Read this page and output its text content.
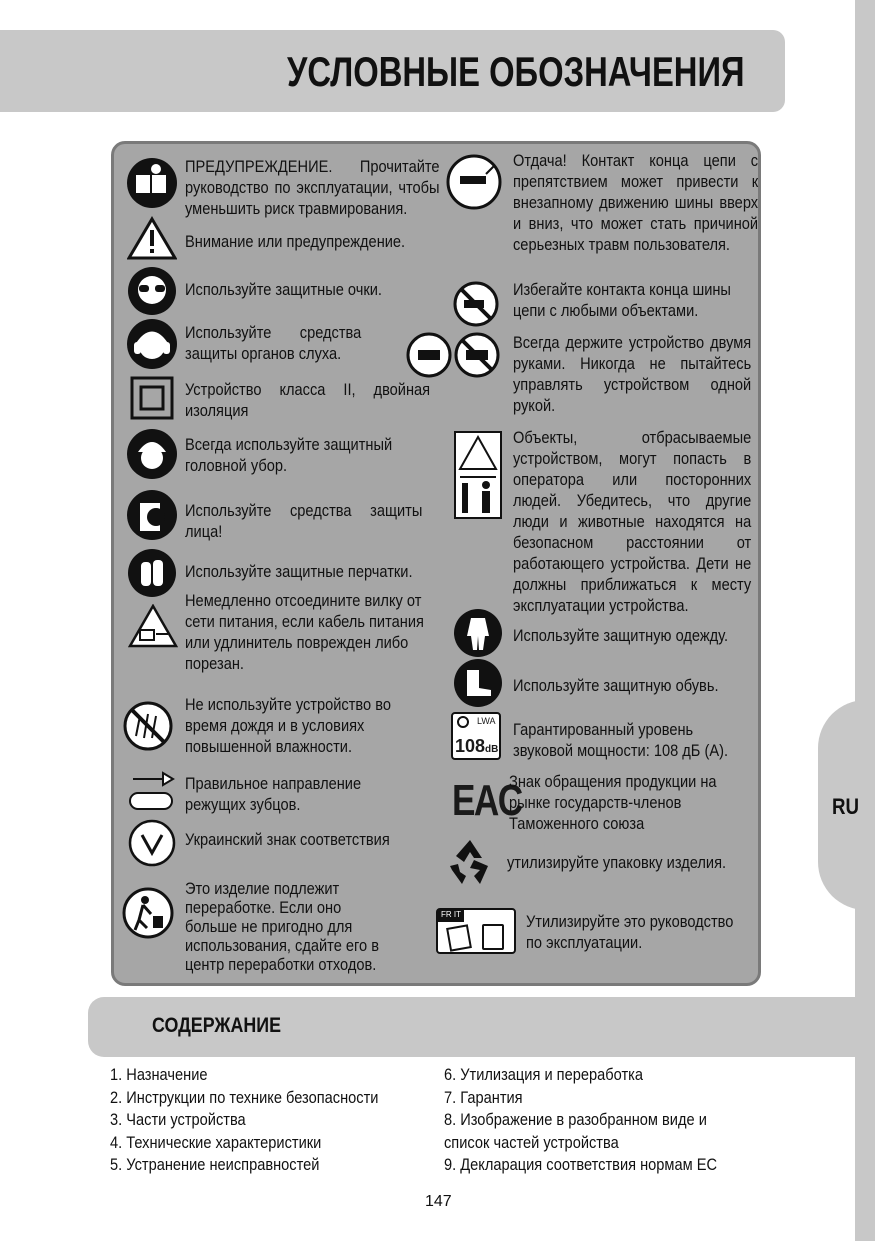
RU
УСЛОВНЫЕ ОБОЗНАЧЕНИЯ
LWA
108dB
EAC
FR IT
ПРЕДУПРЕЖДЕНИЕ. Прочитайте руководство по эксплуатации, чтобы уменьшить риск травмирования.
Внимание или предупреждение.
Используйте защитные очки.
Используйте средства защиты органов слуха.
Устройство класса II, двойная изоляция
Всегда используйте защитный головной убор.
Используйте средства защиты лица!
Используйте защитные перчатки.
Немедленно отсоедините вилку от сети питания, если кабель питания или удлинитель поврежден либо порезан.
Не используйте устройство во время дождя и в условиях повышенной влажности.
Правильное направление режущих зубцов.
Украинский знак соответствия
Это изделие подлежит переработке. Если оно больше не пригодно для использования, сдайте его в центр переработки отходов.
Отдача! Контакт конца цепи с препятствием может привести к внезапному движению шины вверх и вниз, что может стать причиной серьезных травм пользователя.
Избегайте контакта конца шины цепи с любыми объектами.
Всегда держите устройство двумя руками. Никогда не пытайтесь управлять устройством одной рукой.
Объекты, отбрасываемые устройством, могут попасть в оператора или посторонних людей. Убедитесь, что другие люди и животные находятся на безопасном расстоянии от работающего устройства. Дети не должны приближаться к месту эксплуатации устройства.
Используйте защитную одежду.
Используйте защитную обувь.
Гарантированный уровень звуковой мощности: 108 дБ (A).
Знак обращения продукции на рынке государств-членов Таможенного союза
утилизируйте упаковку изделия.
Утилизируйте это руководство по эксплуатации.
СОДЕРЖАНИЕ
1. Назначение
2. Инструкции по технике безопасности
3. Части устройства
4. Технические характеристики
5. Устранение неисправностей
6. Утилизация и переработка
7. Гарантия
8. Изображение в разобранном виде и
список частей устройства
9. Декларация соответствия нормам ЕС
147
